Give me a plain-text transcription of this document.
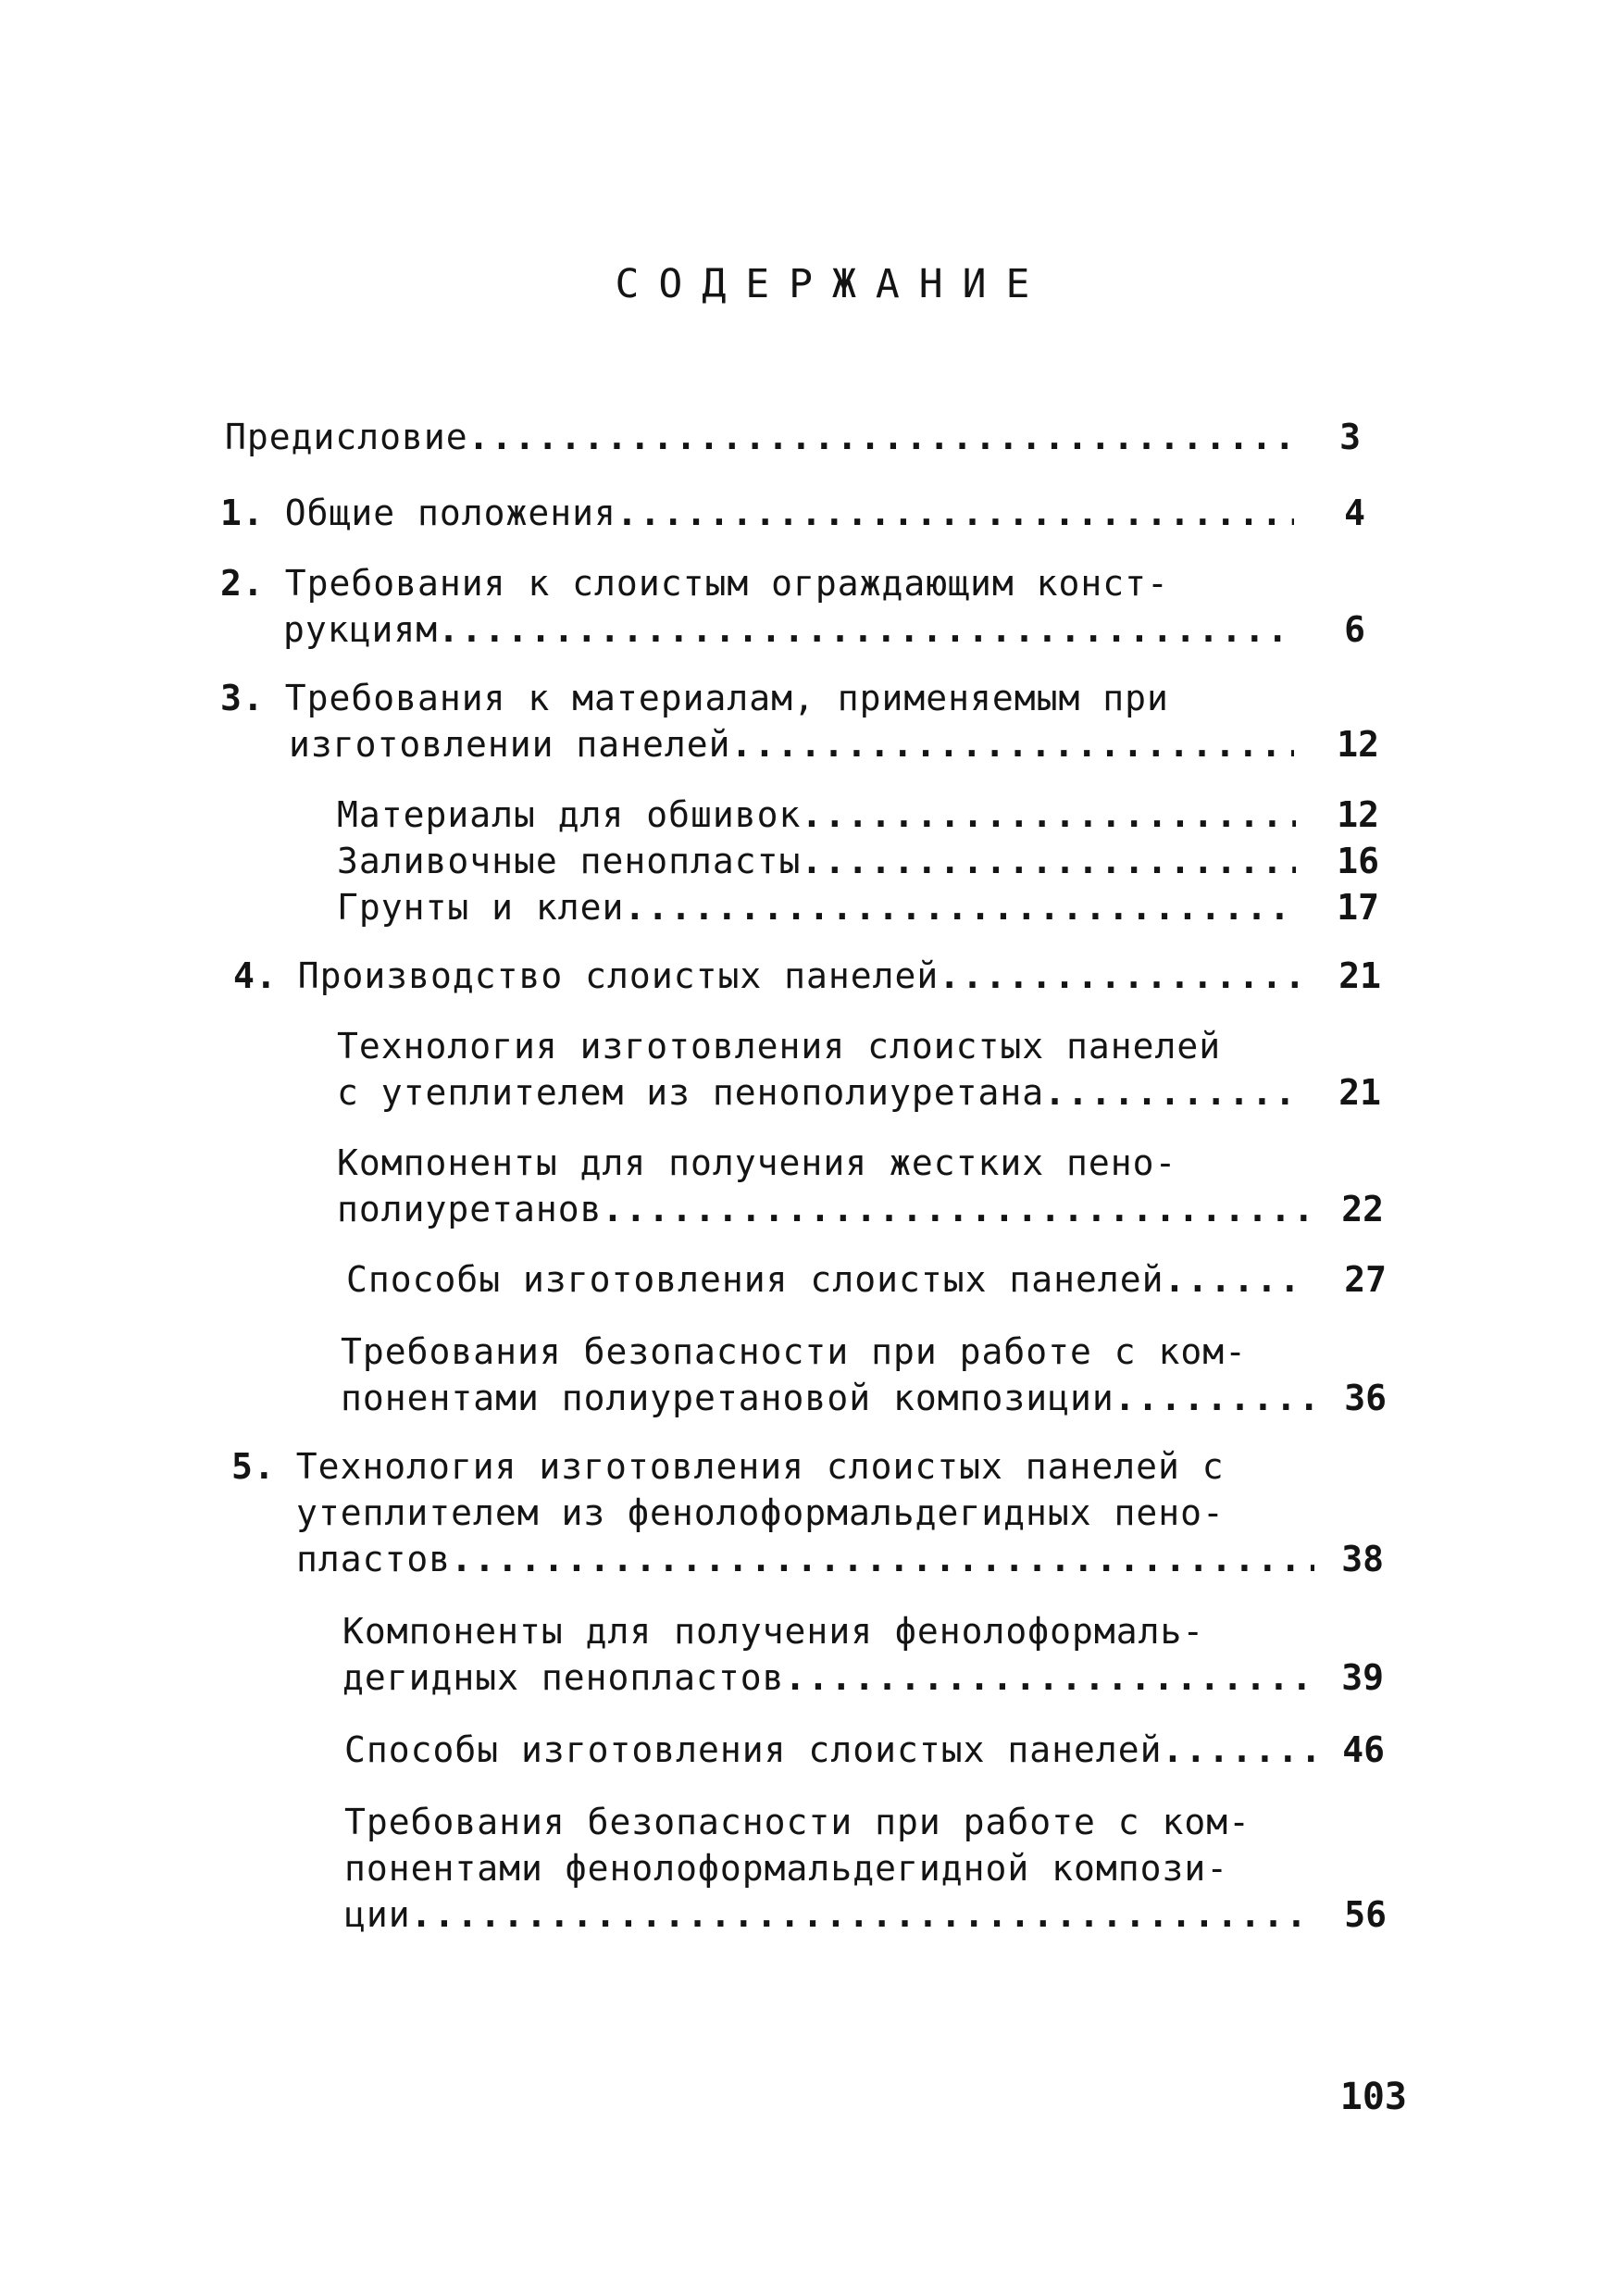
СОДЕРЖАНИЕ
Предисловие .....	3
1. Общие положения .....	4
2. Требования к слоистым ограждающим конст-
рукциям .....	6
3. Требования к материалам, применяемым при
изготовлении панелей .....	12
Материалы для обшивок .....	12
Заливочные пенопласты .....	16
Грунты и клеи .....	17
4. Производство слоистых панелей .....	21
Технология изготовления слоистых панелей
с утеплителем из пенополиуретана .....	21
Компоненты для получения жестких пено-
полиуретанов .....	22
Способы изготовления слоистых панелей .....	27
Требования безопасности при работе с ком-
понентами полиуретановой композиции .....	36
5. Технология изготовления слоистых панелей с
утеплителем из фенолоформальдегидных пено-
пластов .....	38
Компоненты для получения фенолоформаль-
дегидных пенопластов .....	39
Способы изготовления слоистых панелей .....	46
Требования безопасности при работе с ком-
понентами фенолоформальдегидной компози-
ции .....	56
103
